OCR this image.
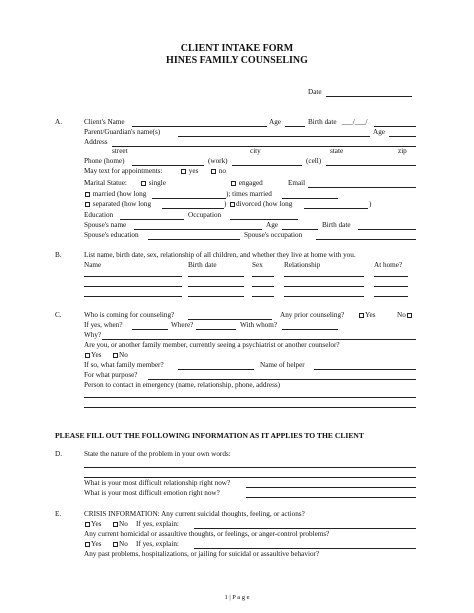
CLIENT INTAKE FORM
HINES FAMILY COUNSELING
Date
A.	Client's Name	Age	Birth date ___/___/
Parent/Guardian's name(s)	Age
Address
street	city	state	zip
Phone (home)	(work)	(cell)
May text for appointments:	yes	no
Marital Statue:	single	engaged	Email
married (how long	); times married
separated (how long	)	divorced (how long	)
Education	Occupation
Spouse's name	Age	Birth date
Spouse's education	Spouse's occupation
B.	List name, birth date, sex, relationship of all children, and whether they live at home with you.
Name	Birth date	Sex	Relationship	At home?
C.	Who is coming for counseling?	Any prior counseling?	Yes	No
If yes, when?	Where?	With whom?
Why?
Are you, or another family member, currently seeing a psychiatrist or another counselor?
Yes	No
If so, what family member?	Name of helper
For what purpose?
Person to contact in emergency (name, relationship, phone, address)
PLEASE FILL OUT THE FOLLOWING INFORMATION AS IT APPLIES TO THE CLIENT
D.	State the nature of the problem in your own words:
What is your most difficult relationship right now?
What is your most difficult emotion right now?
E.	CRISIS INFORMATION: Any current suicidal thoughts, feeling, or actions?
Yes	No If yes, explain:
Any current homicidal or assaultive thoughts, or feelings, or anger-control problems?
Yes	No If yes, explain:
Any past problems, hospitalizations, or jailing for suicidal or assaultive behavior?
1 | P a g e
